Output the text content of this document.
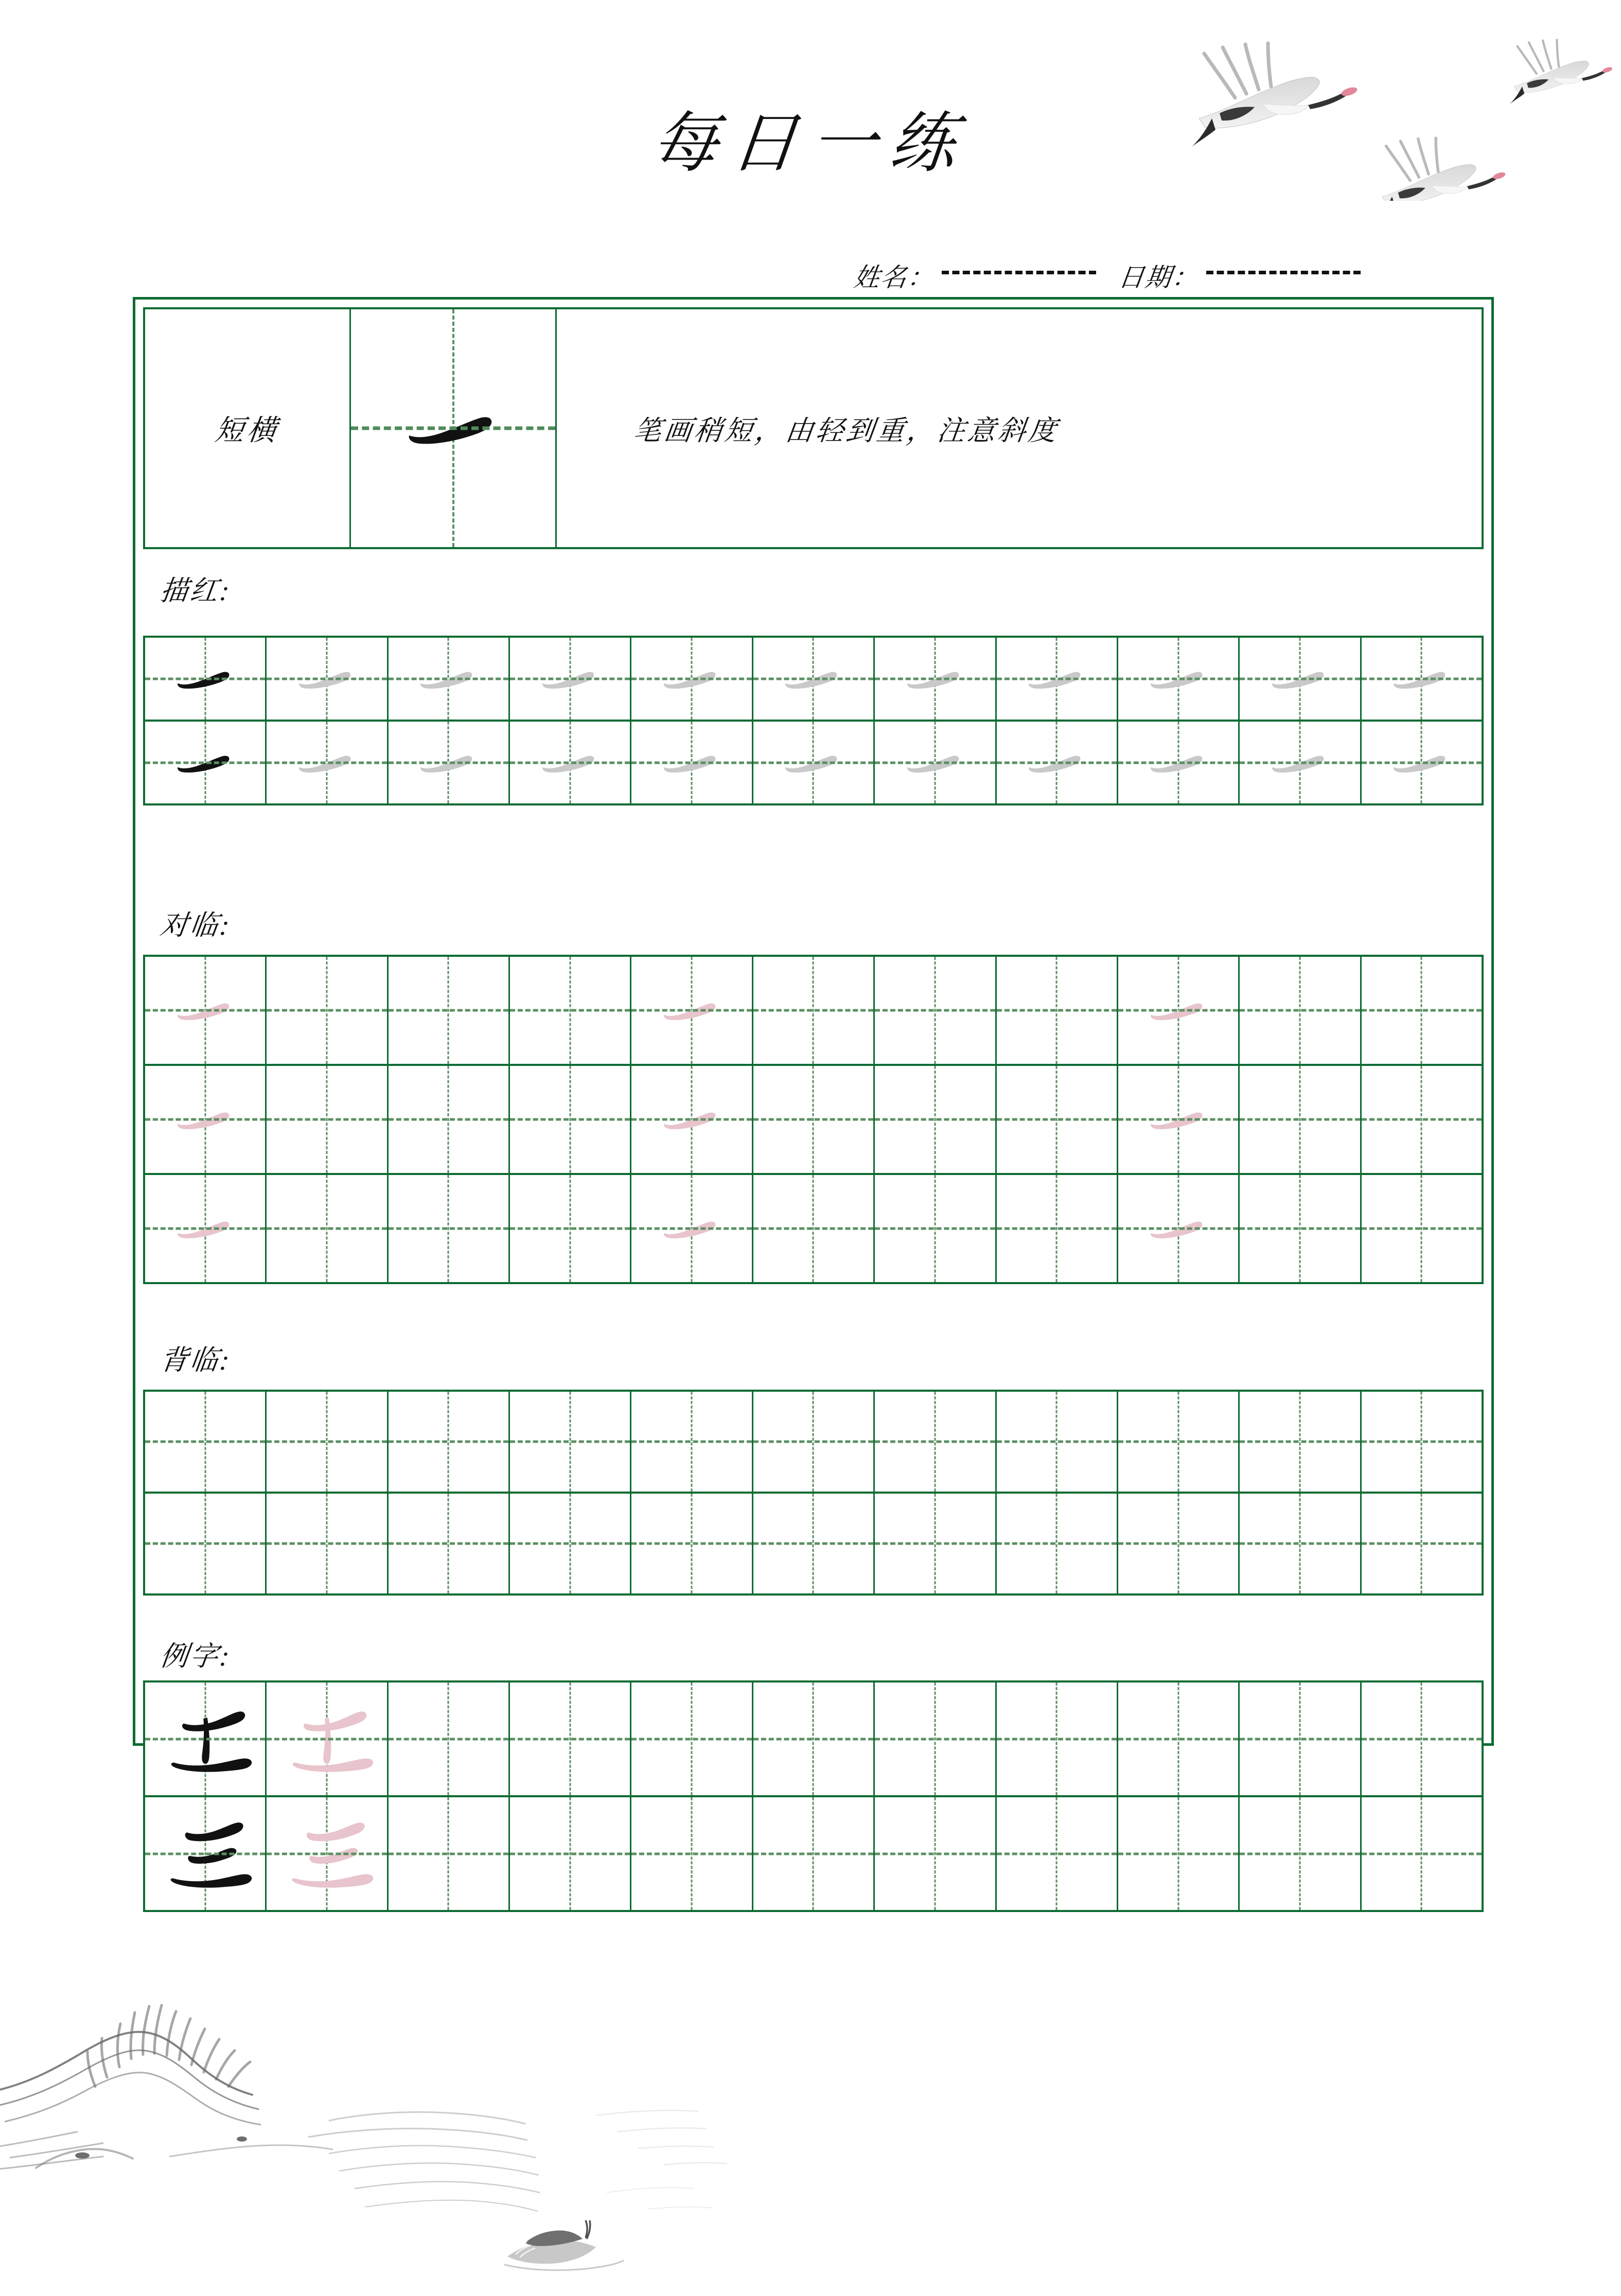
每日一练
姓名：	日期：
短横	笔画稍短，由轻到重，注意斜度
描红:
对临:
背临:
例字:
